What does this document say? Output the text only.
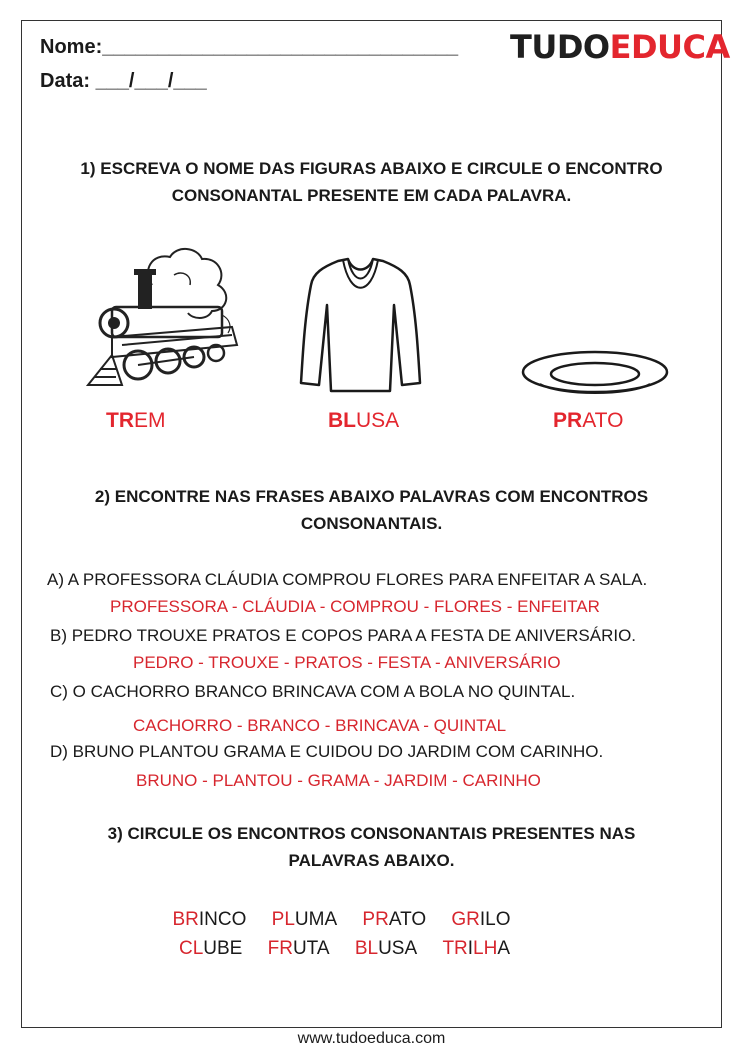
Nome:________________________________
Data: ___/___/___
TUDOEDUCA
1) ESCREVA O NOME DAS FIGURAS ABAIXO E CIRCULE O ENCONTRO
CONSONANTAL PRESENTE EM CADA PALAVRA.
TREM	BLUSA	PRATO
2) ENCONTRE NAS FRASES ABAIXO PALAVRAS COM ENCONTROS
CONSONANTAIS.
A) A PROFESSORA CLÁUDIA COMPROU FLORES PARA ENFEITAR A SALA.
PROFESSORA - CLÁUDIA - COMPROU - FLORES - ENFEITAR
B) PEDRO TROUXE PRATOS E COPOS PARA A FESTA DE ANIVERSÁRIO.
PEDRO - TROUXE - PRATOS - FESTA - ANIVERSÁRIO
C) O CACHORRO BRANCO BRINCAVA COM A BOLA NO QUINTAL.
CACHORRO - BRANCO - BRINCAVA - QUINTAL
D) BRUNO PLANTOU GRAMA E CUIDOU DO JARDIM COM CARINHO.
BRUNO - PLANTOU - GRAMA - JARDIM - CARINHO
3) CIRCULE OS ENCONTROS CONSONANTAIS PRESENTES NAS
PALAVRAS ABAIXO.
BRINCO PLUMA PRATO GRILO
CLUBE FRUTA BLUSA TRILHA
www.tudoeduca.com
